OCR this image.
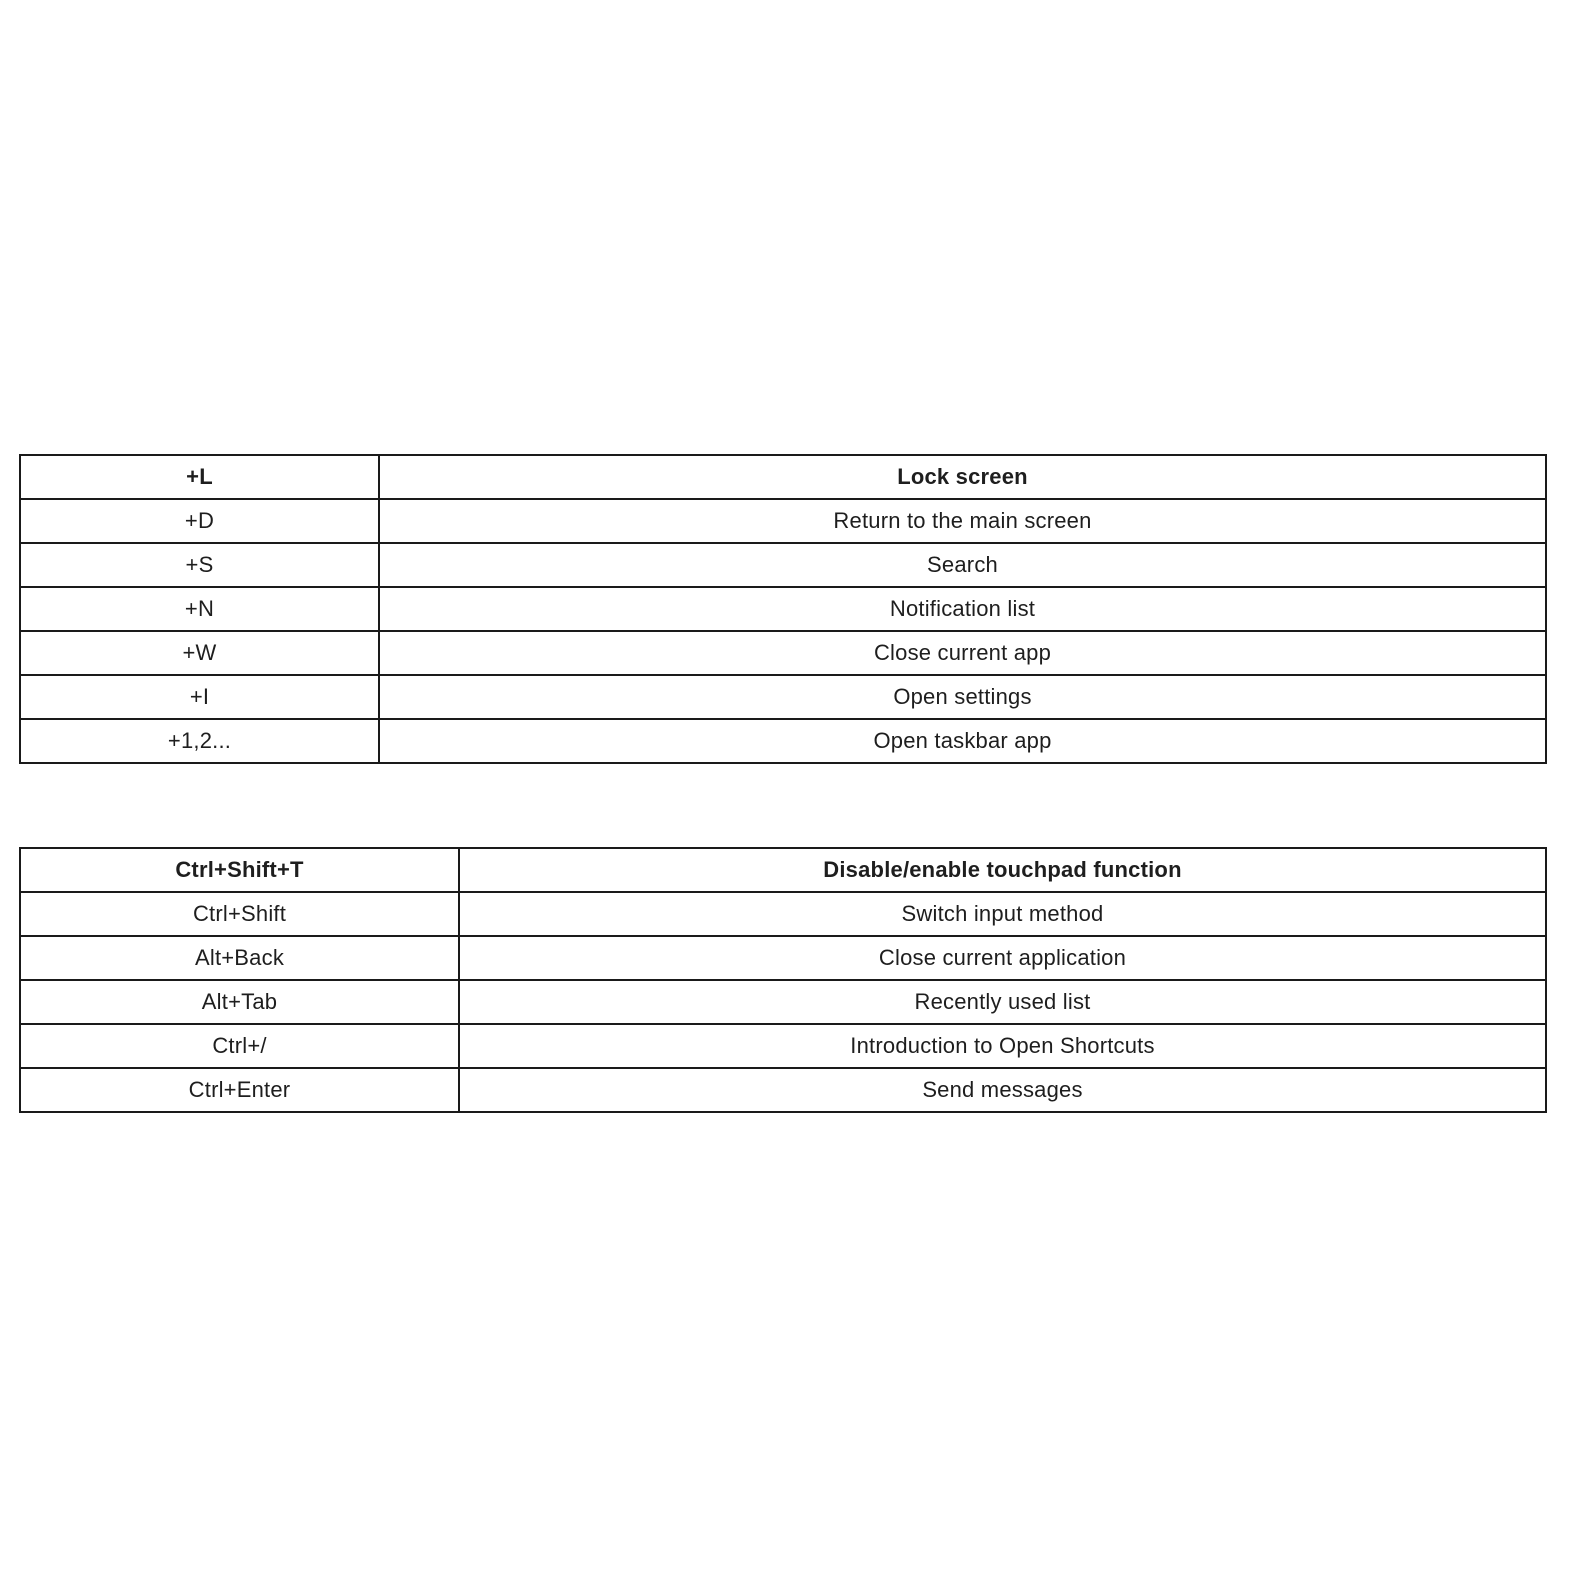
+L	Lock screen
+D	Return to the main screen
+S	Search
+N	Notification list
+W	Close current app
+I	Open settings
+1,2...	Open taskbar app
Ctrl+Shift+T	Disable/enable touchpad function
Ctrl+Shift	Switch input method
Alt+Back	Close current application
Alt+Tab	Recently used list
Ctrl+/	Introduction to Open Shortcuts
Ctrl+Enter	Send messages
